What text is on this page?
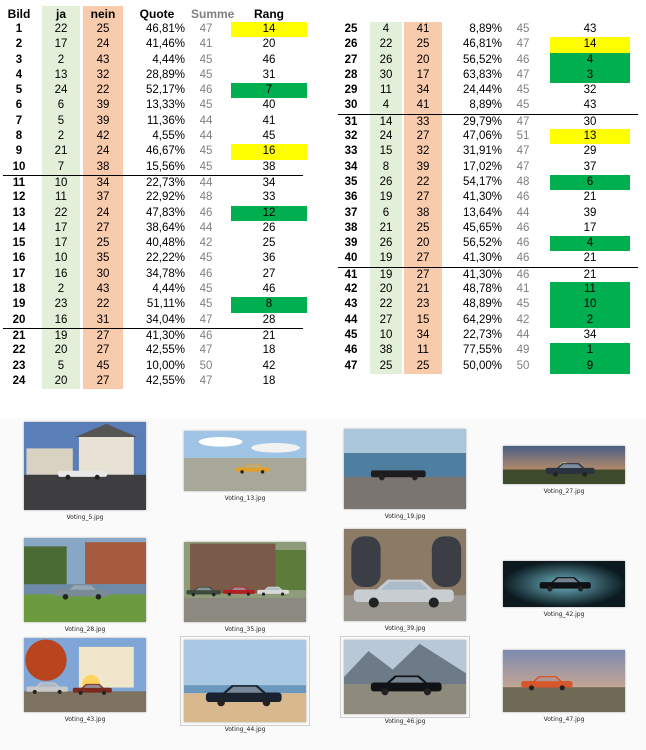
Bild	ja	nein	Quote	Summe	Rang
1	22	25	46,81%	47	14
2	17	24	41,46%	41	20
3	2	43	4,44%	45	46
4	13	32	28,89%	45	31
5	24	22	52,17%	46	7
6	6	39	13,33%	45	40
7	5	39	11,36%	44	41
8	2	42	4,55%	44	45
9	21	24	46,67%	45	16
10	7	38	15,56%	45	38
11	10	34	22,73%	44	34
12	11	37	22,92%	48	33
13	22	24	47,83%	46	12
14	17	27	38,64%	44	26
15	17	25	40,48%	42	25
16	10	35	22,22%	45	36
17	16	30	34,78%	46	27
18	2	43	4,44%	45	46
19	23	22	51,11%	45	8
20	16	31	34,04%	47	28
21	19	27	41,30%	46	21
22	20	27	42,55%	47	18
23	5	45	10,00%	50	42
24	20	27	42,55%	47	18
25	4	41	8,89%	45	43
26	22	25	46,81%	47	14
27	26	20	56,52%	46	4
28	30	17	63,83%	47	3
29	11	34	24,44%	45	32
30	4	41	8,89%	45	43
31	14	33	29,79%	47	30
32	24	27	47,06%	51	13
33	15	32	31,91%	47	29
34	8	39	17,02%	47	37
35	26	22	54,17%	48	6
36	19	27	41,30%	46	21
37	6	38	13,64%	44	39
38	21	25	45,65%	46	17
39	26	20	56,52%	46	4
40	19	27	41,30%	46	21
41	19	27	41,30%	46	21
42	20	21	48,78%	41	11
43	22	23	48,89%	45	10
44	27	15	64,29%	42	2
45	10	34	22,73%	44	34
46	38	11	77,55%	49	1
47	25	25	50,00%	50	9
Voting_5.jpg
Voting_13.jpg
Voting_19.jpg
Voting_27.jpg
Voting_28.jpg	Voting_35.jpg	Voting_39.jpg
Voting_42.jpg
Voting_43.jpg
Voting_44.jpg
Voting_46.jpg	Voting_47.jpg
